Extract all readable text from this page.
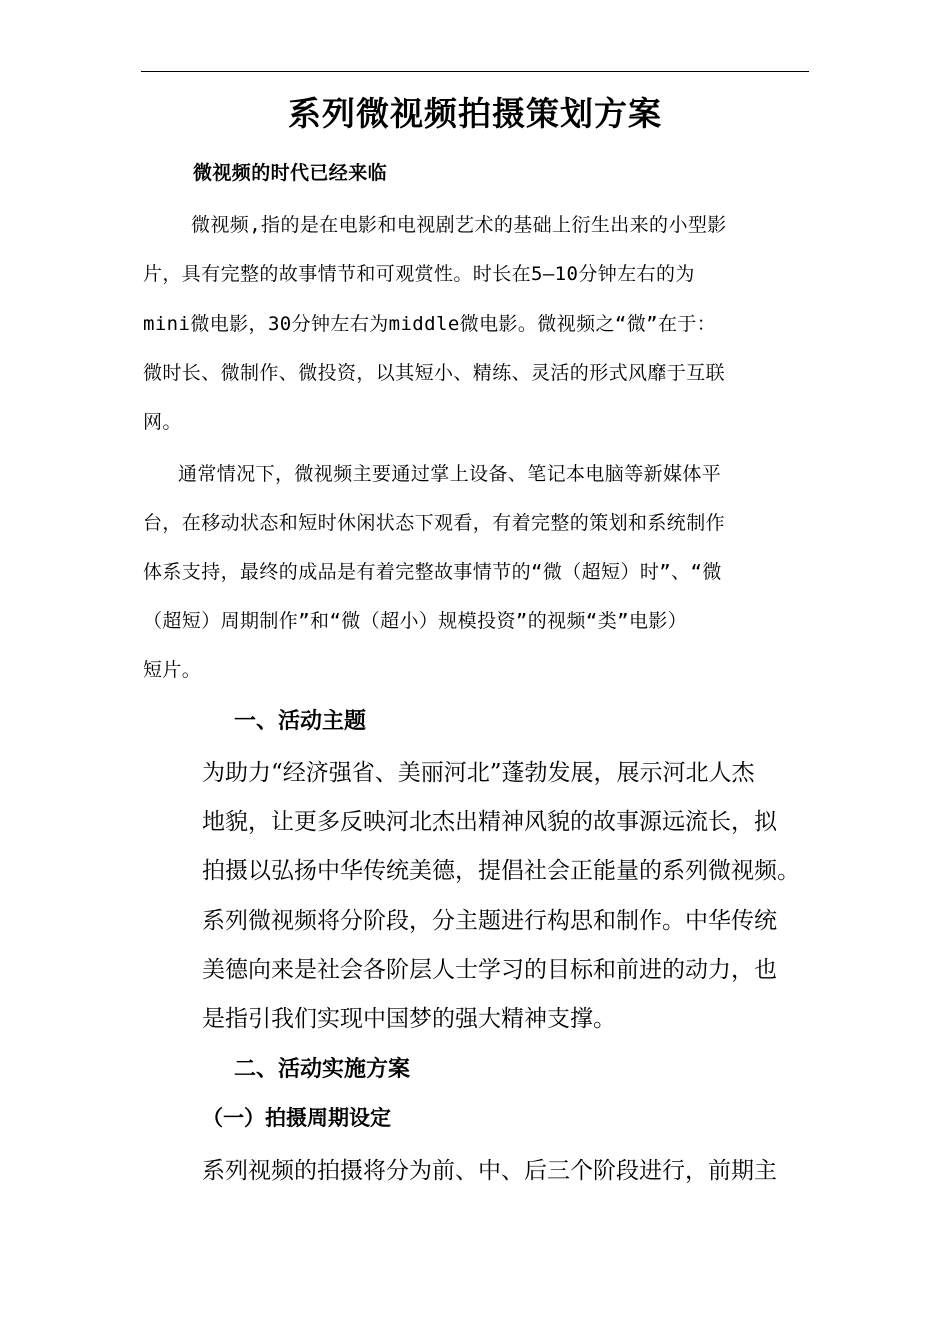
系列微视频拍摄策划方案
微视频的时代已经来临
微视频,指的是在电影和电视剧艺术的基础上衍生出来的小型影
片，具有完整的故事情节和可观赏性。时长在5—10分钟左右的为
mini微电影，30分钟左右为middle微电影。微视频之“微”在于：
微时长、微制作、微投资，以其短小、精练、灵活的形式风靡于互联
网。
通常情况下，微视频主要通过掌上设备、笔记本电脑等新媒体平
台，在移动状态和短时休闲状态下观看，有着完整的策划和系统制作
体系支持，最终的成品是有着完整故事情节的“微（超短）时”、“微
（超短）周期制作”和“微（超小）规模投资”的视频“类”电影）
短片。
一、活动主题
为助力“经济强省、美丽河北”蓬勃发展，展示河北人杰
地貌，让更多反映河北杰出精神风貌的故事源远流长，拟
拍摄以弘扬中华传统美德，提倡社会正能量的系列微视频。
系列微视频将分阶段，分主题进行构思和制作。中华传统
美德向来是社会各阶层人士学习的目标和前进的动力，也
是指引我们实现中国梦的强大精神支撑。
二、活动实施方案
（一）拍摄周期设定
系列视频的拍摄将分为前、中、后三个阶段进行，前期主
